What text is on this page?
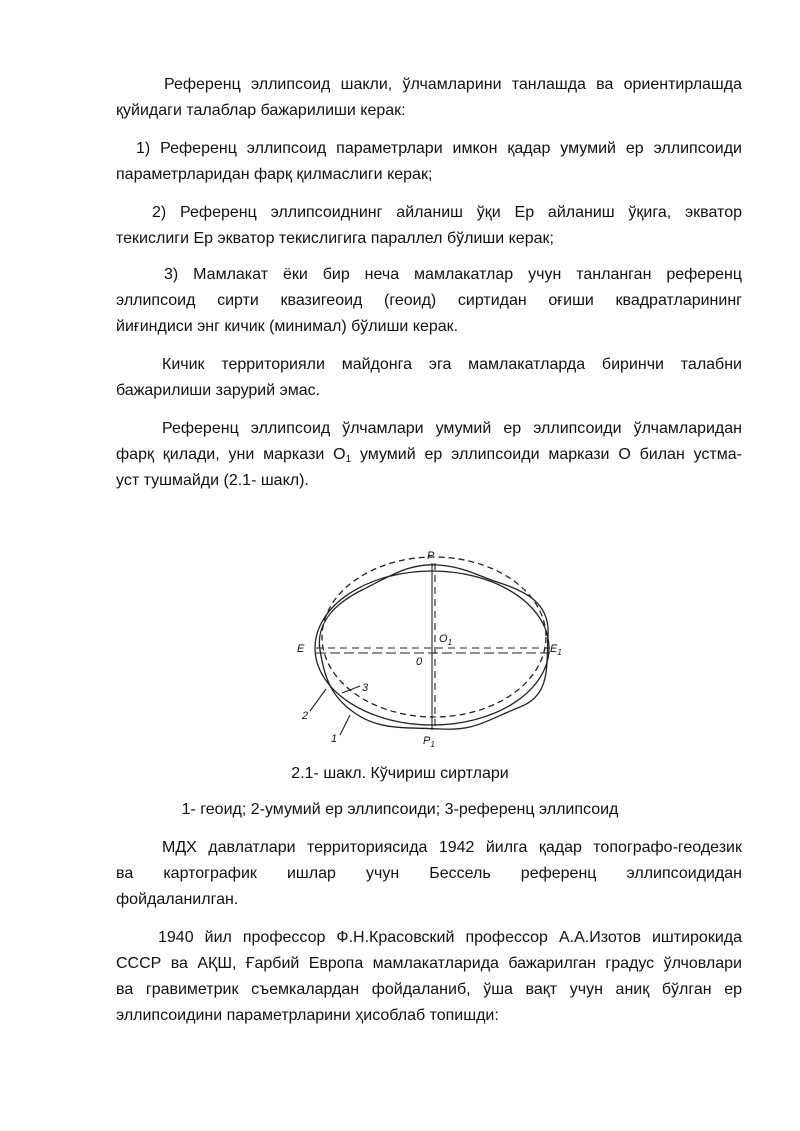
Референц эллипсоид шакли, ўлчамларини танлашда ва ориентирлашда
қуйидаги талаблар бажарилиши керак:
1) Референц эллипсоид параметрлари имкон қадар умумий ер эллипсоиди
параметрларидан фарқ қилмаслиги керак;
2) Референц эллипсоиднинг айланиш ўқи Ер айланиш ўқига, экватор
текислиги Ер экватор текислигига параллел бўлиши керак;
3) Мамлакат ёки бир неча мамлакатлар учун танланган референц
эллипсоид сирти квазигеоид (геоид) сиртидан оғиши квадратларининг
йиғиндиси энг кичик (минимал) бўлиши керак.
Кичик территорияли майдонга эга мамлакатларда биринчи талабни
бажарилиши зарурий эмас.
Референц эллипсоид ўлчамлари умумий ер эллипсоиди ўлчамларидан
фарқ қилади, уни маркази $O_1$ умумий ер эллипсоиди маркази O билан устма-
уст тушмайди (2.1- шакл).
P
$P_1$
E	$E_1$
$O_1$
0
1
2
3

2.1- шакл. Кўчириш сиртлари

1- геоид; 2-умумий ер эллипсоиди; 3-референц эллипсоид

МДХ давлатлари территориясида 1942 йилга қадар топографо-геодезик
ва картографик ишлар учун Бессель референц эллипсоидидан
фойдаланилган.
1940 йил профессор Ф.Н.Красовский профессор А.А.Изотов иштирокида
СССР ва АҚШ, Ғарбий Европа мамлакатларида бажарилган градус ўлчовлари
ва гравиметрик съемкалардан фойдаланиб, ўша вақт учун аниқ бўлган ер
эллипсоидини параметрларини ҳисоблаб топишди:
